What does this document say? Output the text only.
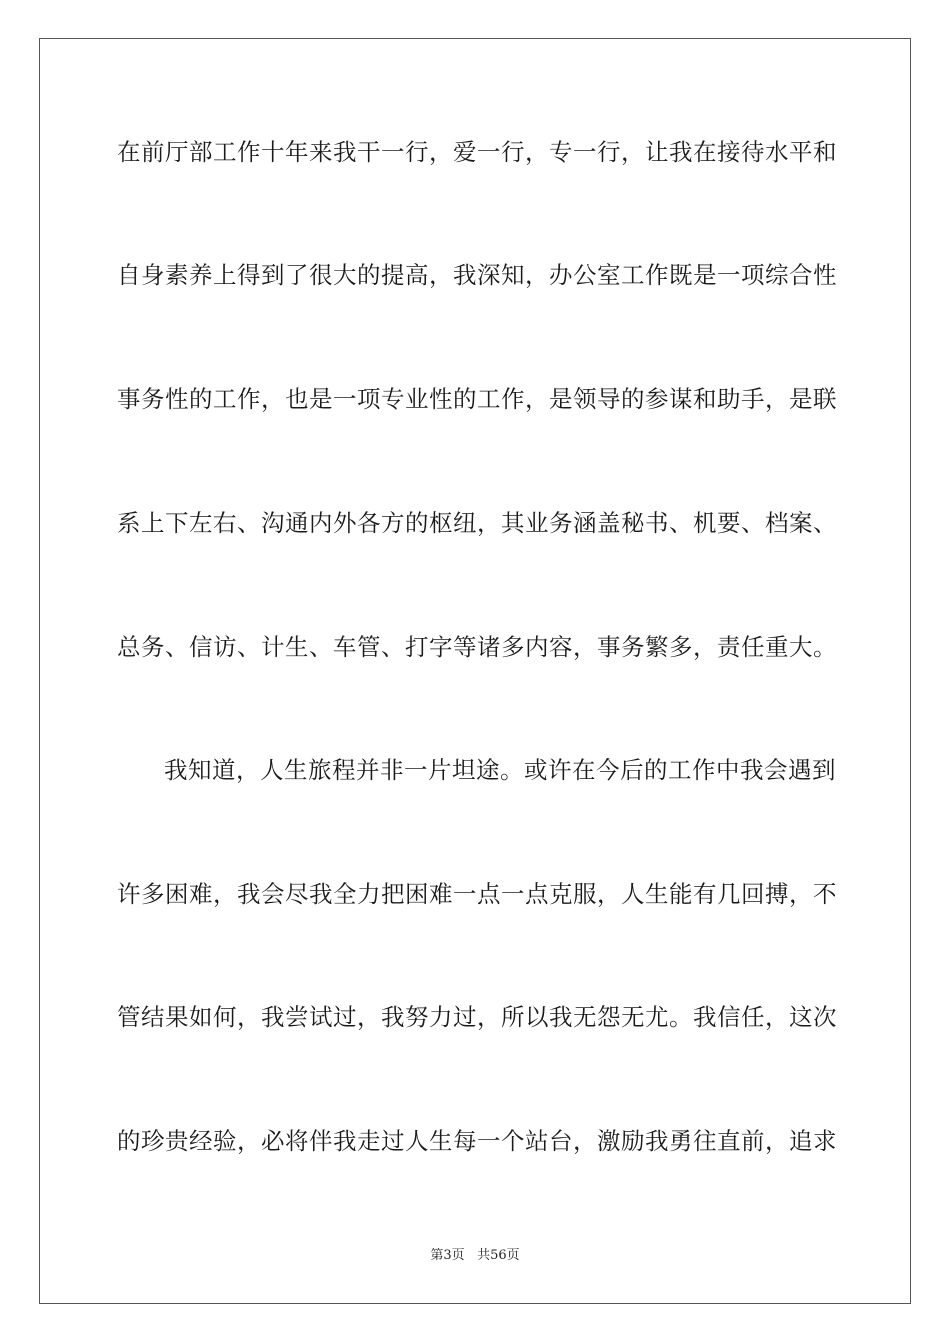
在前厅部工作十年来我干一行，爱一行，专一行，让我在接待水平和
自身素养上得到了很大的提高，我深知，办公室工作既是一项综合性
事务性的工作，也是一项专业性的工作，是领导的参谋和助手，是联
系上下左右、沟通内外各方的枢纽，其业务涵盖秘书、机要、档案、
总务、信访、计生、车管、打字等诸多内容，事务繁多，责任重大。
我知道，人生旅程并非一片坦途。或许在今后的工作中我会遇到
许多困难，我会尽我全力把困难一点一点克服，人生能有几回搏，不
管结果如何，我尝试过，我努力过，所以我无怨无尤。我信任，这次
的珍贵经验，必将伴我走过人生每一个站台，激励我勇往直前，追求
第3页 共56页
